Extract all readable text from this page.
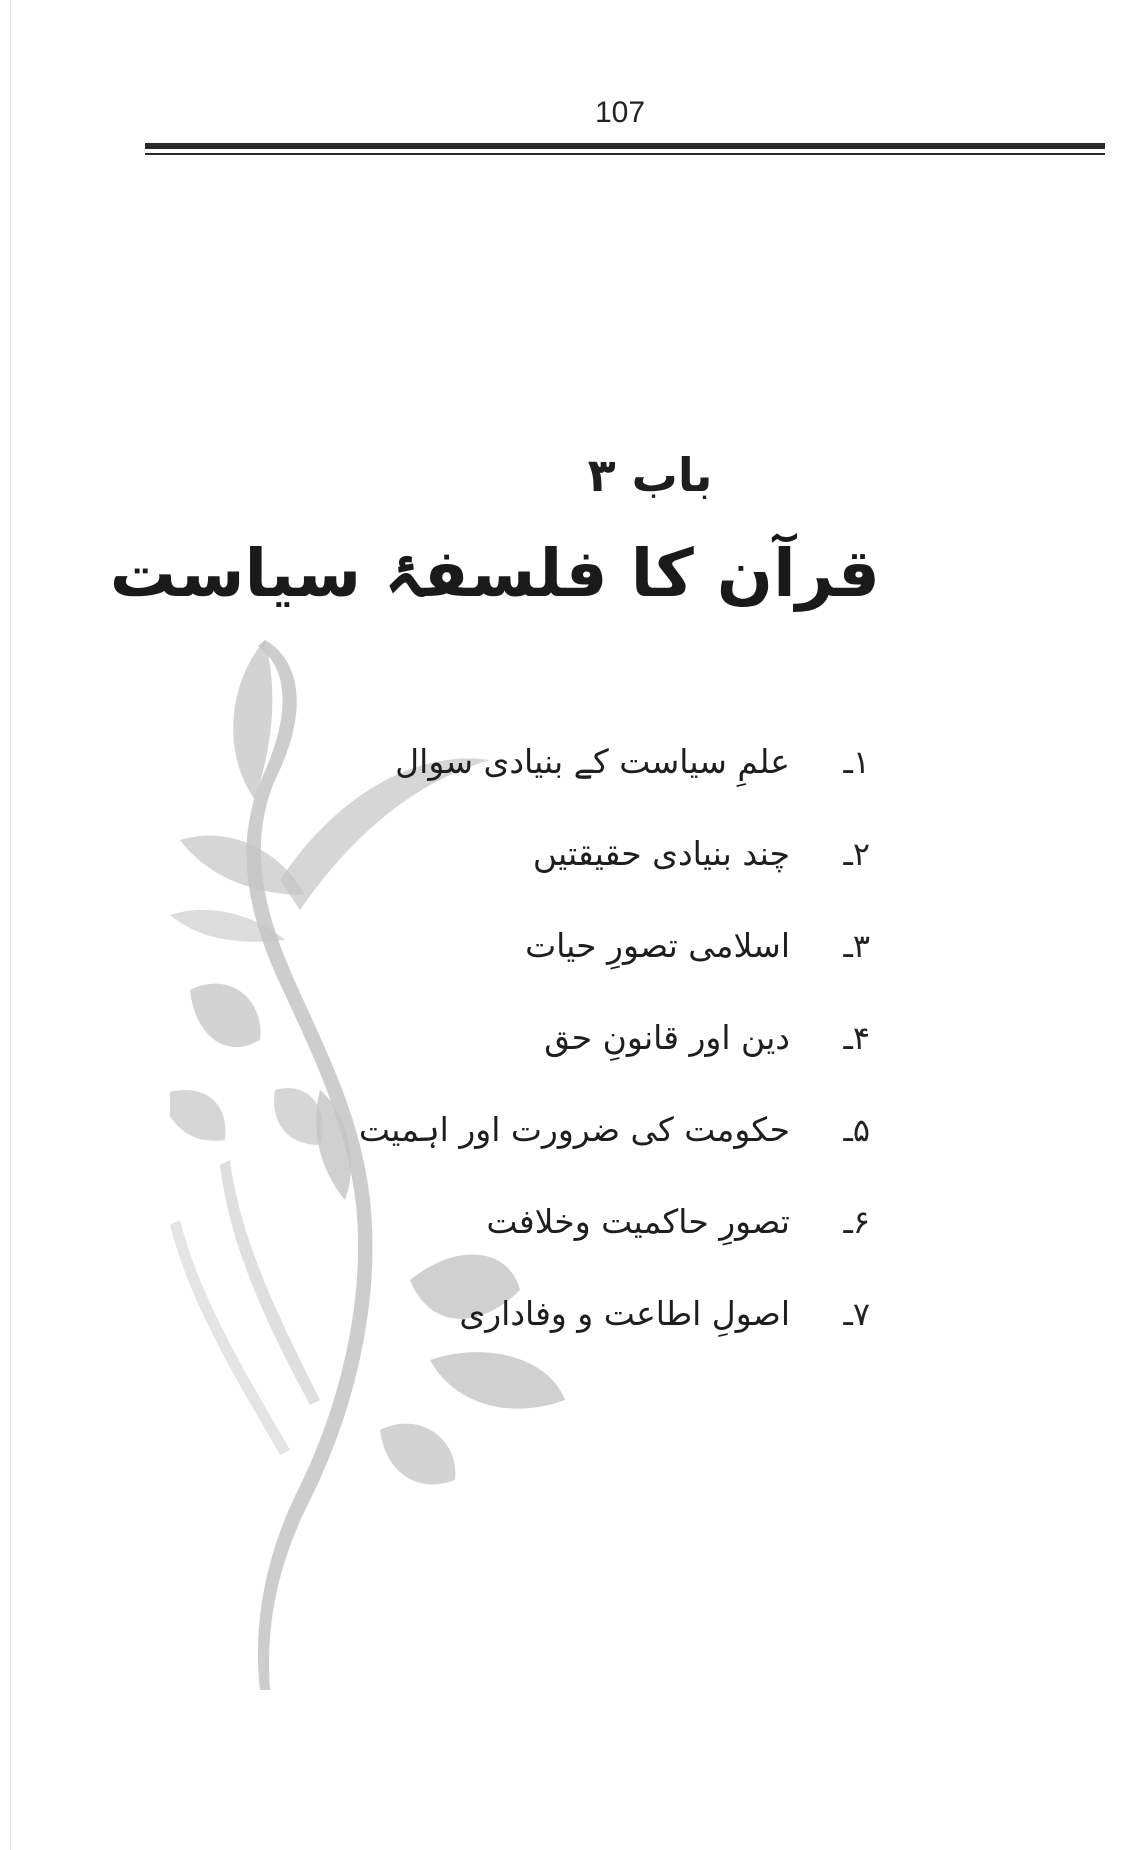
107
باب ۳
قرآن کا فلسفۂ سیاست
۱ـ
علمِ سیاست کے بنیادی سوال
۲ـ
چند بنیادی حقیقتیں
۳ـ
اسلامی تصورِ حیات
۴ـ
دین اور قانونِ حق
۵ـ
حکومت کی ضرورت اور اہمیت
۶ـ
تصورِ حاکمیت وخلافت
۷ـ
اصولِ اطاعت و وفاداری
